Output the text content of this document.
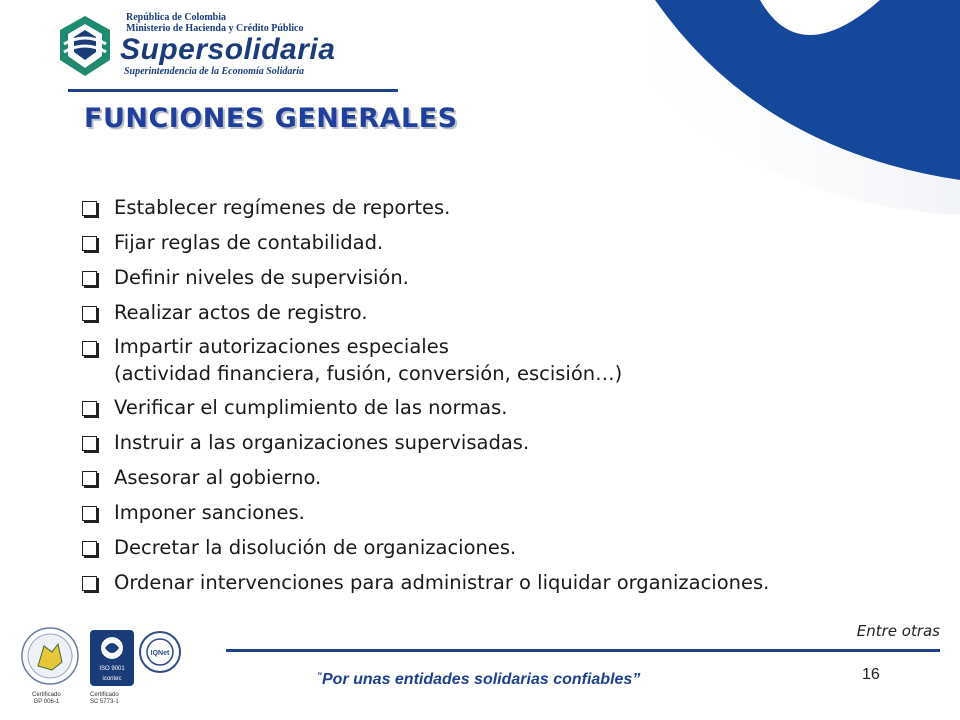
República de Colombia
Ministerio de Hacienda y Crédito Público
Supersolidaria
Superintendencia de la Economía Solidaria
FUNCIONES GENERALES
Establecer regímenes de reportes.
Fijar reglas de contabilidad.
Definir niveles de supervisión.
Realizar actos de registro.
Impartir autorizaciones especiales
(actividad financiera, fusión, conversión, escisión…)
Verificar el cumplimiento de las normas.
Instruir a las organizaciones supervisadas.
Asesorar al gobierno.
Imponer sanciones.
Decretar la disolución de organizaciones.
Ordenar intervenciones para administrar o liquidar organizaciones.
Entre otras
16
“Por unas entidades solidarias confiables”
ISO 9001
icontec
IQNet
Certificado
GP 006-1
Certificado
SC 5773-1
